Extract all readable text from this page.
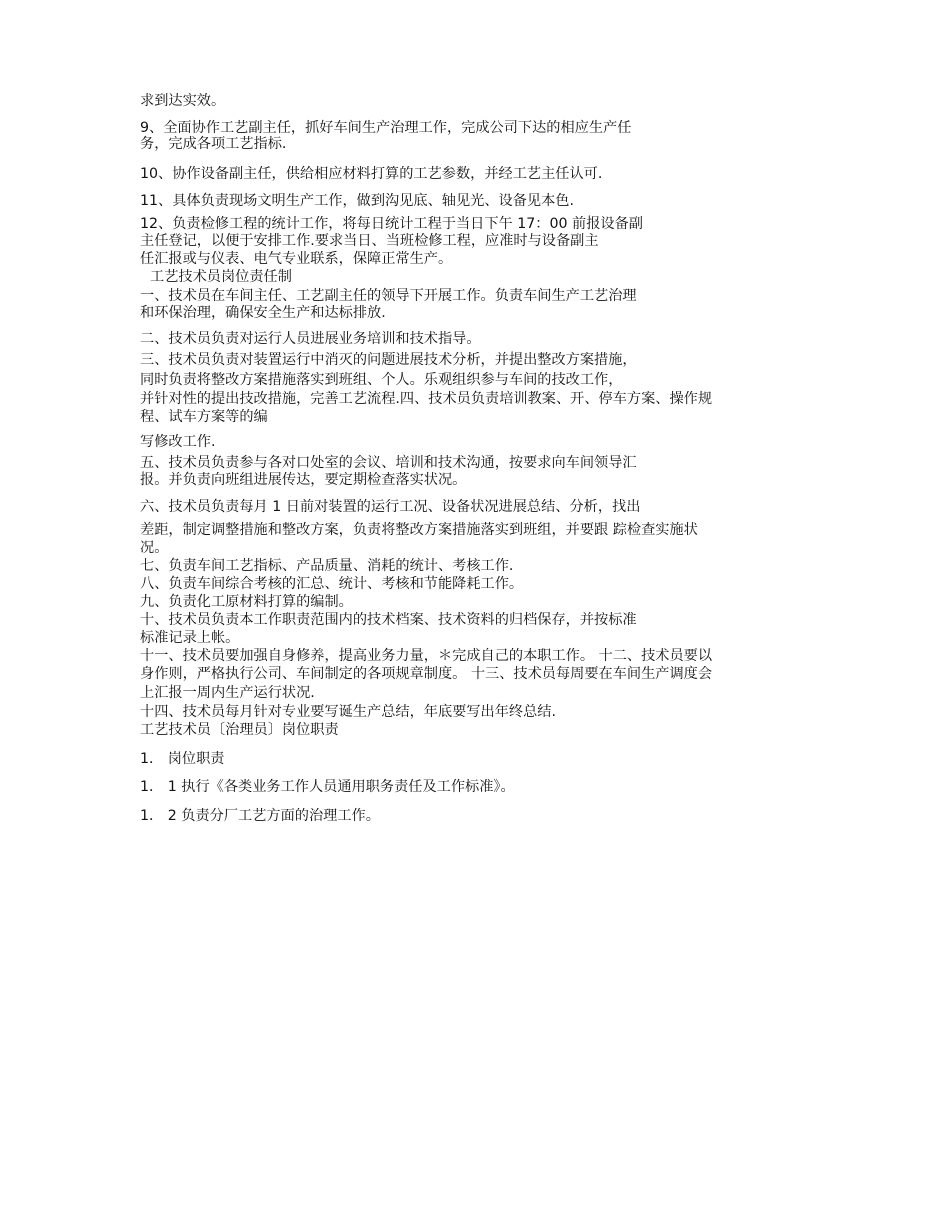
求到达实效。

9、全面协作工艺副主任，抓好车间生产治理工作，完成公司下达的相应生产任

务，完成各项工艺指标.

10、协作设备副主任，供给相应材料打算的工艺参数，并经工艺主任认可.

11、具体负责现场文明生产工作，做到沟见底、轴见光、设备见本色.

12、负责检修工程的统计工作，将每日统计工程于当日下午 17：00 前报设备副

主任登记，以便于安排工作.要求当日、当班检修工程，应准时与设备副主

任汇报或与仪表、电气专业联系，保障正常生产。

工艺技术员岗位责任制

一、技术员在车间主任、工艺副主任的领导下开展工作。负责车间生产工艺治理

和环保治理，确保安全生产和达标排放.

二、技术员负责对运行人员进展业务培训和技术指导。

三、技术员负责对装置运行中消灭的问题进展技术分析，并提出整改方案措施，

同时负责将整改方案措施落实到班组、个人。乐观组织参与车间的技改工作，

并针对性的提出技改措施，完善工艺流程.四、技术员负责培训教案、开、停车方案、操作规

程、试车方案等的编

写修改工作.

五、技术员负责参与各对口处室的会议、培训和技术沟通，按要求向车间领导汇

报。并负责向班组进展传达，要定期检查落实状况。

六、技术员负责每月 1 日前对装置的运行工况、设备状况进展总结、分析，找出

差距，制定调整措施和整改方案，负责将整改方案措施落实到班组，并要跟 踪检查实施状

况。

七、负责车间工艺指标、产品质量、消耗的统计、考核工作.

八、负责车间综合考核的汇总、统计、考核和节能降耗工作。

九、负责化工原材料打算的编制。

十、技术员负责本工作职责范围内的技术档案、技术资料的归档保存，并按标准

标准记录上帐。

十一、技术员要加强自身修养，提高业务力量，＊完成自己的本职工作。 十二、技术员要以

身作则，严格执行公司、车间制定的各项规章制度。 十三、技术员每周要在车间生产调度会

上汇报一周内生产运行状况.

十四、技术员每月针对专业要写诞生产总结，年底要写出年终总结.

工艺技术员〔治理员〕岗位职责

1． 岗位职责

1． 1 执行《各类业务工作人员通用职务责任及工作标准》。

1． 2 负责分厂工艺方面的治理工作。
